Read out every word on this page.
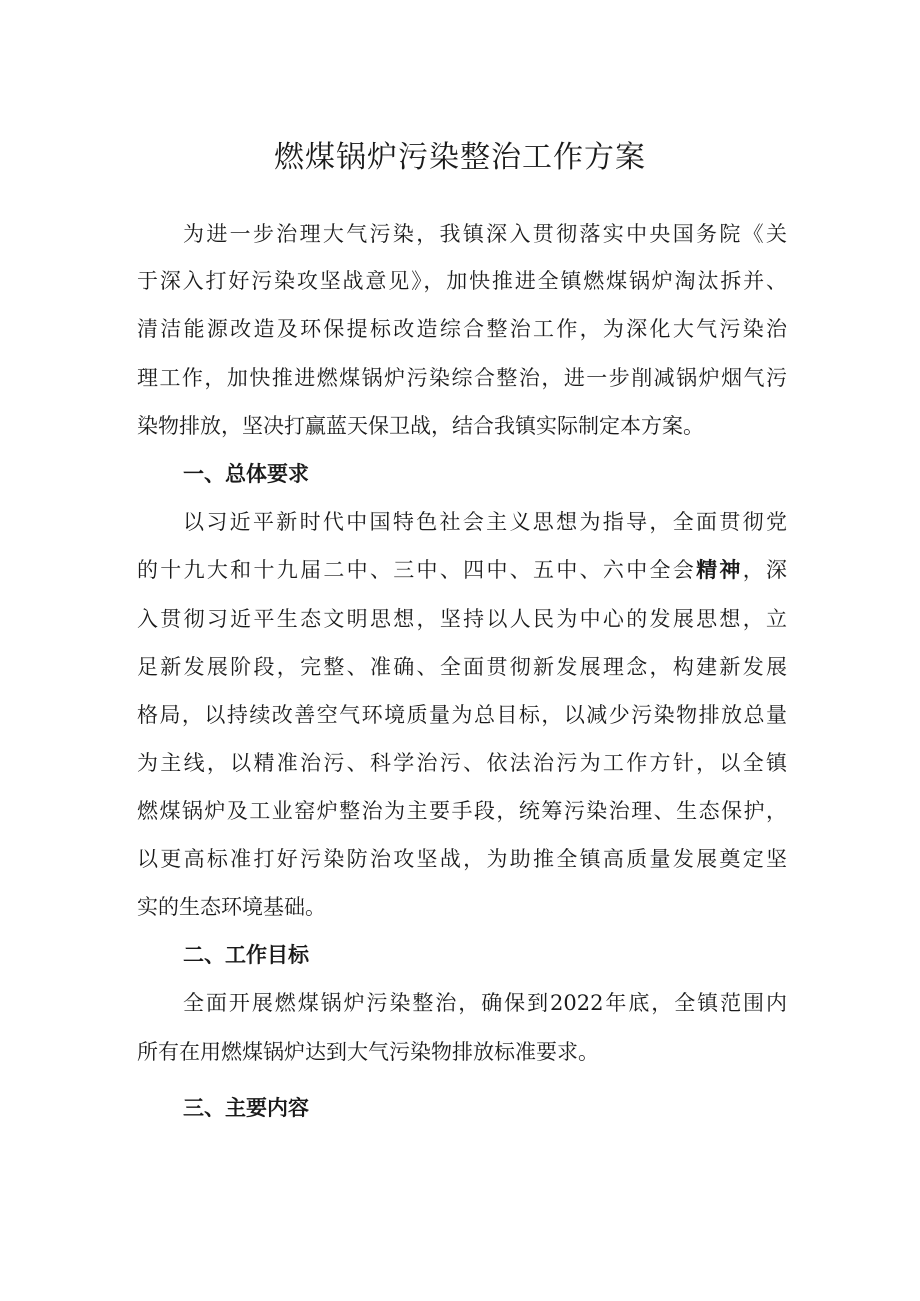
燃煤锅炉污染整治工作方案

为进一步治理大气污染，我镇深入贯彻落实中央国务院《关

于深入打好污染攻坚战意见》，加快推进全镇燃煤锅炉淘汰拆并、

清洁能源改造及环保提标改造综合整治工作，为深化大气污染治

理工作，加快推进燃煤锅炉污染综合整治，进一步削减锅炉烟气污

染物排放，坚决打赢蓝天保卫战，结合我镇实际制定本方案。

一、总体要求

以习近平新时代中国特色社会主义思想为指导，全面贯彻党

的十九大和十九届二中、三中、四中、五中、六中全会精神，深

入贯彻习近平生态文明思想，坚持以人民为中心的发展思想，立

足新发展阶段，完整、准确、全面贯彻新发展理念，构建新发展

格局，以持续改善空气环境质量为总目标，以减少污染物排放总量

为主线，以精准治污、科学治污、依法治污为工作方针，以全镇

燃煤锅炉及工业窑炉整治为主要手段，统筹污染治理、生态保护，

以更高标准打好污染防治攻坚战，为助推全镇高质量发展奠定坚

实的生态环境基础。

二、工作目标

全面开展燃煤锅炉污染整治，确保到2022年底，全镇范围内

所有在用燃煤锅炉达到大气污染物排放标准要求。

三、主要内容
